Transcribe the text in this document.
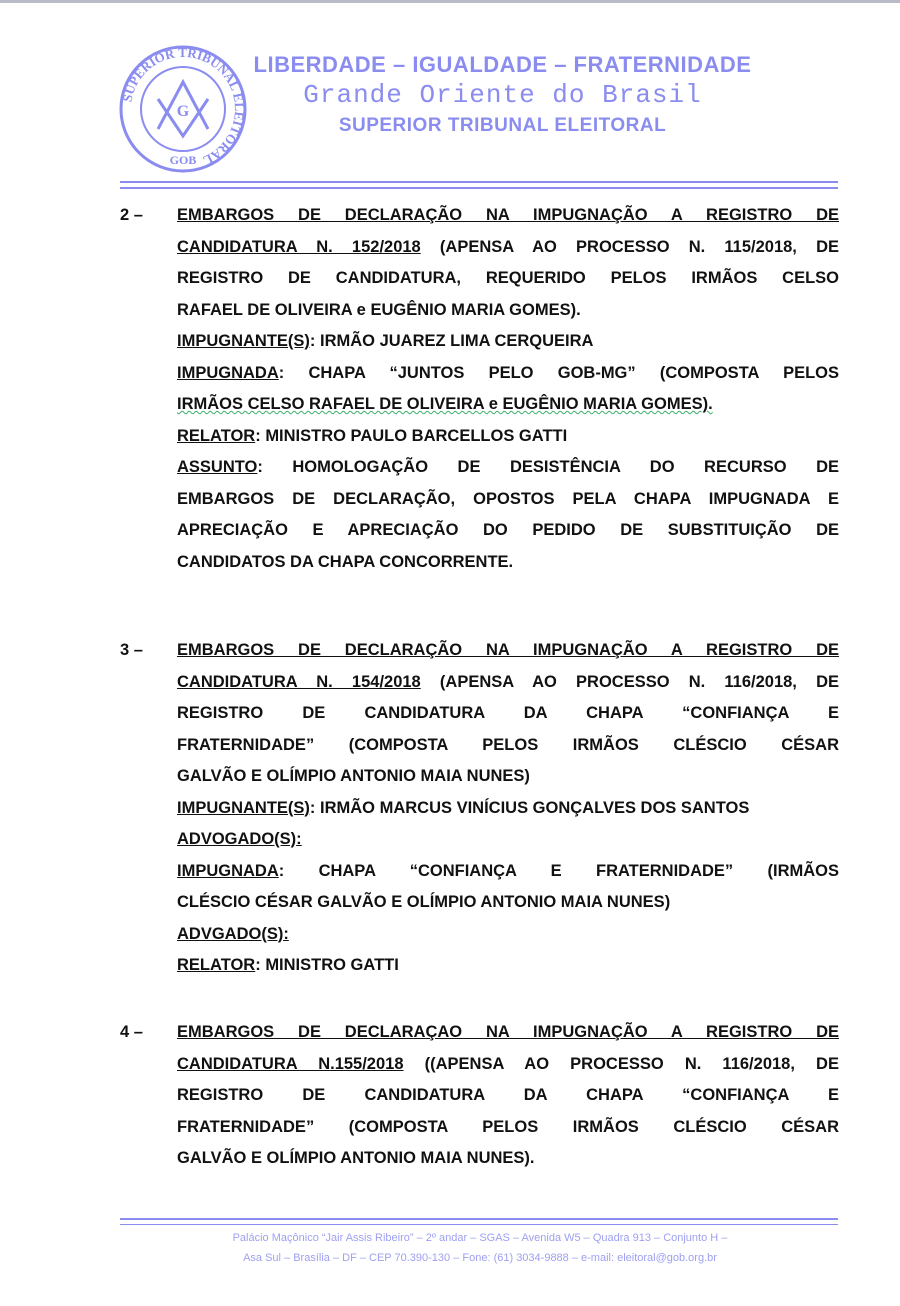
SUPERIOR TRIBUNAL ELEITORAL
GOB
G
LIBERDADE – IGUALDADE – FRATERNIDADE
Grande Oriente do Brasil
SUPERIOR TRIBUNAL ELEITORAL
2 –	EMBARGOS DE DECLARAÇÃO NA IMPUGNAÇÃO A REGISTRO DE
CANDIDATURA N. 152/2018 (APENSA AO PROCESSO N. 115/2018, DE
REGISTRO DE CANDIDATURA, REQUERIDO PELOS IRMÃOS CELSO
RAFAEL DE OLIVEIRA e EUGÊNIO MARIA GOMES).
IMPUGNANTE(S): IRMÃO JUAREZ LIMA CERQUEIRA
IMPUGNADA: CHAPA “JUNTOS PELO GOB-MG” (COMPOSTA PELOS
IRMÃOS CELSO RAFAEL DE OLIVEIRA e EUGÊNIO MARIA GOMES).
RELATOR: MINISTRO PAULO BARCELLOS GATTI
ASSUNTO: HOMOLOGAÇÃO DE DESISTÊNCIA DO RECURSO DE
EMBARGOS DE DECLARAÇÃO, OPOSTOS PELA CHAPA IMPUGNADA E
APRECIAÇÃO E APRECIAÇÃO DO PEDIDO DE SUBSTITUIÇÃO DE
CANDIDATOS DA CHAPA CONCORRENTE.
3 –	EMBARGOS DE DECLARAÇÃO NA IMPUGNAÇÃO A REGISTRO DE
CANDIDATURA N. 154/2018 (APENSA AO PROCESSO N. 116/2018, DE
REGISTRO DE CANDIDATURA DA CHAPA “CONFIANÇA E
FRATERNIDADE” (COMPOSTA PELOS IRMÃOS CLÉSCIO CÉSAR
GALVÃO E OLÍMPIO ANTONIO MAIA NUNES)
IMPUGNANTE(S): IRMÃO MARCUS VINÍCIUS GONÇALVES DOS SANTOS
ADVOGADO(S):
IMPUGNADA: CHAPA “CONFIANÇA E FRATERNIDADE” (IRMÃOS
CLÉSCIO CÉSAR GALVÃO E OLÍMPIO ANTONIO MAIA NUNES)
ADVGADO(S):
RELATOR: MINISTRO GATTI
4 –	EMBARGOS DE DECLARAÇAO NA IMPUGNAÇÃO A REGISTRO DE
CANDIDATURA N.155/2018 ((APENSA AO PROCESSO N. 116/2018, DE
REGISTRO DE CANDIDATURA DA CHAPA “CONFIANÇA E
FRATERNIDADE” (COMPOSTA PELOS IRMÃOS CLÉSCIO CÉSAR
GALVÃO E OLÍMPIO ANTONIO MAIA NUNES).
Palácio Maçônico “Jair Assis Ribeiro” – 2º andar – SGAS – Avenida W5 – Quadra 913 – Conjunto H –
Asa Sul – Brasília – DF – CEP 70.390-130 – Fone: (61) 3034-9888 – e-mail: eleitoral@gob.org.br
